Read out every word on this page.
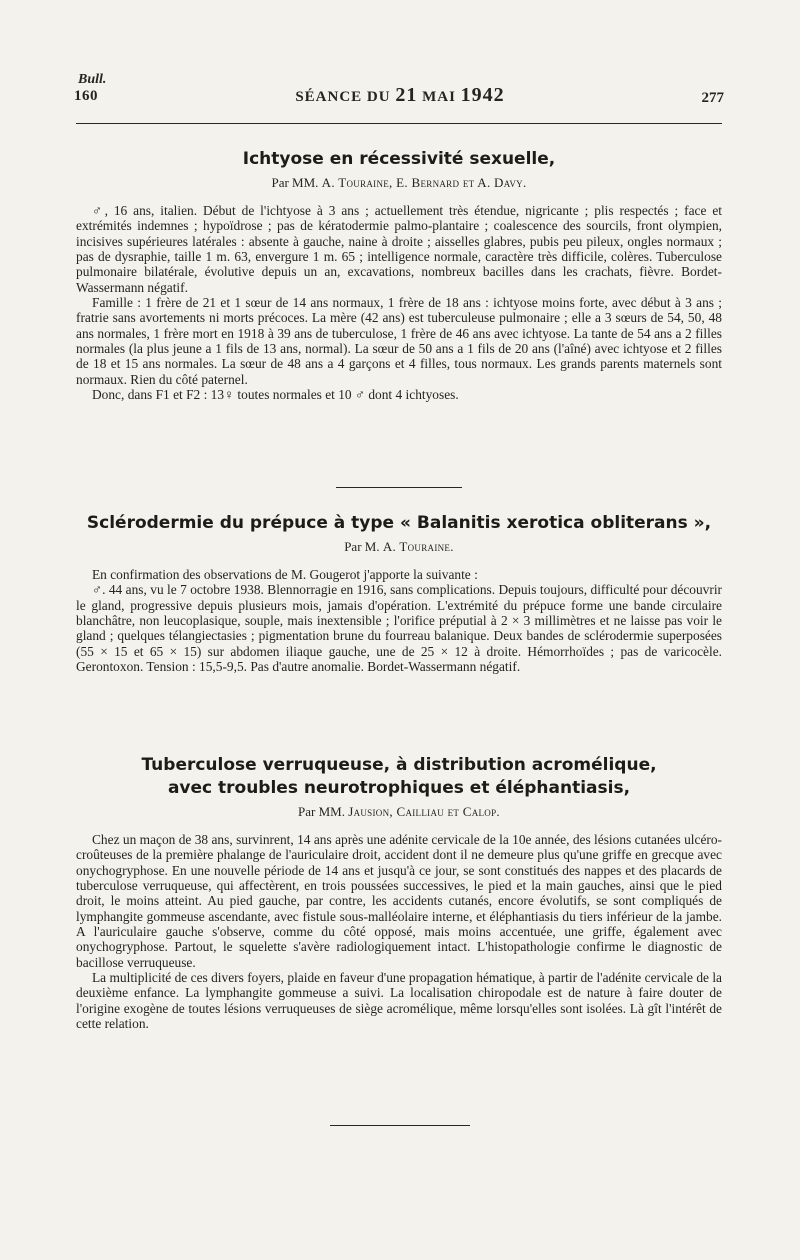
Bull.
160	SÉANCE DU 21 MAI 1942	277
Ichtyose en récessivité sexuelle,
Par MM. A. Touraine, E. Bernard et A. Davy.

♂, 16 ans, italien. Début de l'ichtyose à 3 ans ; actuellement très étendue, nigricante ; plis respectés ; face et extrémités indemnes ; hypoïdrose ; pas de kératodermie palmo-plantaire ; coalescence des sourcils, front olympien, incisives supérieures latérales : absente à gauche, naine à droite ; aisselles glabres, pubis peu pileux, ongles normaux ; pas de dysraphie, taille 1 m. 63, envergure 1 m. 65 ; intelligence normale, caractère très difficile, colères. Tuberculose pulmonaire bilatérale, évolutive depuis un an, excavations, nombreux bacilles dans les crachats, fièvre. Bordet-Wassermann négatif.

Famille : 1 frère de 21 et 1 sœur de 14 ans normaux, 1 frère de 18 ans : ichtyose moins forte, avec début à 3 ans ; fratrie sans avortements ni morts précoces. La mère (42 ans) est tuberculeuse pulmonaire ; elle a 3 sœurs de 54, 50, 48 ans normales, 1 frère mort en 1918 à 39 ans de tuberculose, 1 frère de 46 ans avec ichtyose. La tante de 54 ans a 2 filles normales (la plus jeune a 1 fils de 13 ans, normal). La sœur de 50 ans a 1 fils de 20 ans (l'aîné) avec ichtyose et 2 filles de 18 et 15 ans normales. La sœur de 48 ans a 4 garçons et 4 filles, tous normaux. Les grands parents maternels sont normaux. Rien du côté paternel.

Donc, dans F1 et F2 : 13♀ toutes normales et 10 ♂ dont 4 ichtyoses.

Sclérodermie du prépuce à type « Balanitis xerotica obliterans »,
Par M. A. Touraine.

En confirmation des observations de M. Gougerot j'apporte la suivante :

♂. 44 ans, vu le 7 octobre 1938. Blennorragie en 1916, sans complications. Depuis toujours, difficulté pour découvrir le gland, progressive depuis plusieurs mois, jamais d'opération. L'extrémité du prépuce forme une bande circulaire blanchâtre, non leucoplasique, souple, mais inextensible ; l'orifice préputial à 2 × 3 millimètres et ne laisse pas voir le gland ; quelques télangiectasies ; pigmentation brune du fourreau balanique. Deux bandes de sclérodermie superposées (55 × 15 et 65 × 15) sur abdomen iliaque gauche, une de 25 × 12 à droite. Hémorrhoïdes ; pas de varicocèle. Gerontoxon. Tension : 15,5-9,5. Pas d'autre anomalie. Bordet-Wassermann négatif.

Tuberculose verruqueuse, à distribution acromélique,
avec troubles neurotrophiques et éléphantiasis,
Par MM. Jausion, Cailliau et Calop.

Chez un maçon de 38 ans, survinrent, 14 ans après une adénite cervicale de la 10e année, des lésions cutanées ulcéro-croûteuses de la première phalange de l'auriculaire droit, accident dont il ne demeure plus qu'une griffe en grecque avec onychogryphose. En une nouvelle période de 14 ans et jusqu'à ce jour, se sont constitués des nappes et des placards de tuberculose verruqueuse, qui affectèrent, en trois poussées successives, le pied et la main gauches, ainsi que le pied droit, le moins atteint. Au pied gauche, par contre, les accidents cutanés, encore évolutifs, se sont compliqués de lymphangite gommeuse ascendante, avec fistule sous-malléolaire interne, et éléphantiasis du tiers inférieur de la jambe. A l'auriculaire gauche s'observe, comme du côté opposé, mais moins accentuée, une griffe, également avec onychogryphose. Partout, le squelette s'avère radiologiquement intact. L'histopathologie confirme le diagnostic de bacillose verruqueuse.

La multiplicité de ces divers foyers, plaide en faveur d'une propagation hématique, à partir de l'adénite cervicale de la deuxième enfance. La lymphangite gommeuse a suivi. La localisation chiropodale est de nature à faire douter de l'origine exogène de toutes lésions verruqueuses de siège acromélique, même lorsqu'elles sont isolées. Là gît l'intérêt de cette relation.
